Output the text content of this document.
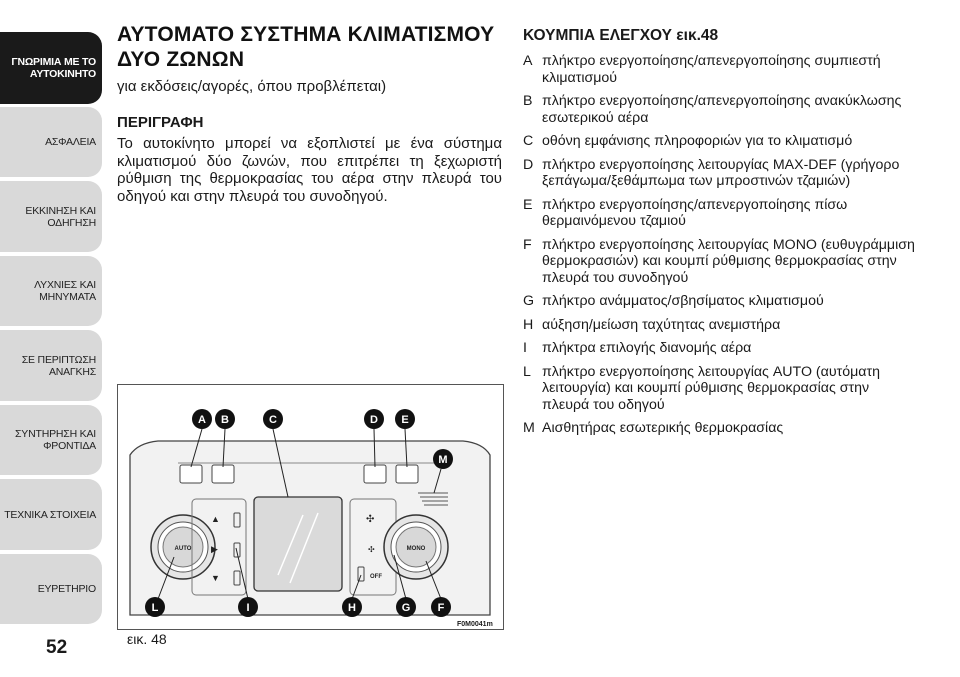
ΓΝΩΡΙΜΙΑ ΜΕ ΤΟ
ΑΥΤΟΚΙΝΗΤΟ
ΑΣΦΑΛΕΙΑ
ΕΚΚΙΝΗΣΗ ΚΑΙ
ΟΔΗΓΗΣΗ
ΛΥΧΝΙΕΣ ΚΑΙ
ΜΗΝΥΜΑΤΑ
ΣΕ ΠΕΡΙΠΤΩΣΗ
ΑΝΑΓΚΗΣ
ΣΥΝΤΗΡΗΣΗ ΚΑΙ
ΦΡΟΝΤΙΔΑ
ΤΕΧΝΙΚΑ ΣΤΟΙΧΕΙΑ
ΕΥΡΕΤΗΡΙΟ
52
ΑΥΤΟΜΑΤΟ ΣΥΣΤΗΜΑ ΚΛΙΜΑΤΙΣΜΟΥ ΔΥΟ ΖΩΝΩΝ
για εκδόσεις/αγορές, όπου προβλέπεται)
ΠΕΡΙΓΡΑΦΗ
Το αυτοκίνητο μπορεί να εξοπλιστεί με ένα σύστημα κλιματισμού δύο ζωνών, που επιτρέπει τη ξεχωριστή ρύθμιση της θερμοκρασίας του αέρα στην πλευρά του οδηγού και στην πλευρά του συνοδηγού.
AUTO
▲
▶
▼
✣
✣
OFF
MONO
A B	C	D E
M
L	I	H	G F
εικ. 48
F0M0041m
ΚΟΥΜΠΙΑ ΕΛΕΓΧΟΥ εικ.48
A πλήκτρο ενεργοποίησης/απενεργοποίησης συμπιεστή κλιματισμού
B πλήκτρο ενεργοποίησης/απενεργοποίησης ανακύκλωσης εσωτερικού αέρα
C οθόνη εμφάνισης πληροφοριών για το κλιματισμό
D πλήκτρο ενεργοποίησης λειτουργίας MAX-DEF (γρήγορο ξεπάγωμα/ξεθάμπωμα των μπροστινών τζαμιών)
E πλήκτρο ενεργοποίησης/απενεργοποίησης πίσω θερμαινόμενου τζαμιού
F πλήκτρο ενεργοποίησης λειτουργίας MONO (ευθυγράμμιση θερμοκρασιών) και κουμπί ρύθμισης θερμοκρασίας στην πλευρά του συνοδηγού
G πλήκτρο ανάμματος/σβησίματος κλιματισμού
H αύξηση/μείωση ταχύτητας ανεμιστήρα
I	πλήκτρα επιλογής διανομής αέρα
L πλήκτρο ενεργοποίησης λειτουργίας AUTO (αυτόματη λειτουργία) και κουμπί ρύθμισης θερμοκρασίας στην πλευρά του οδηγού
M Αισθητήρας εσωτερικής θερμοκρασίας
